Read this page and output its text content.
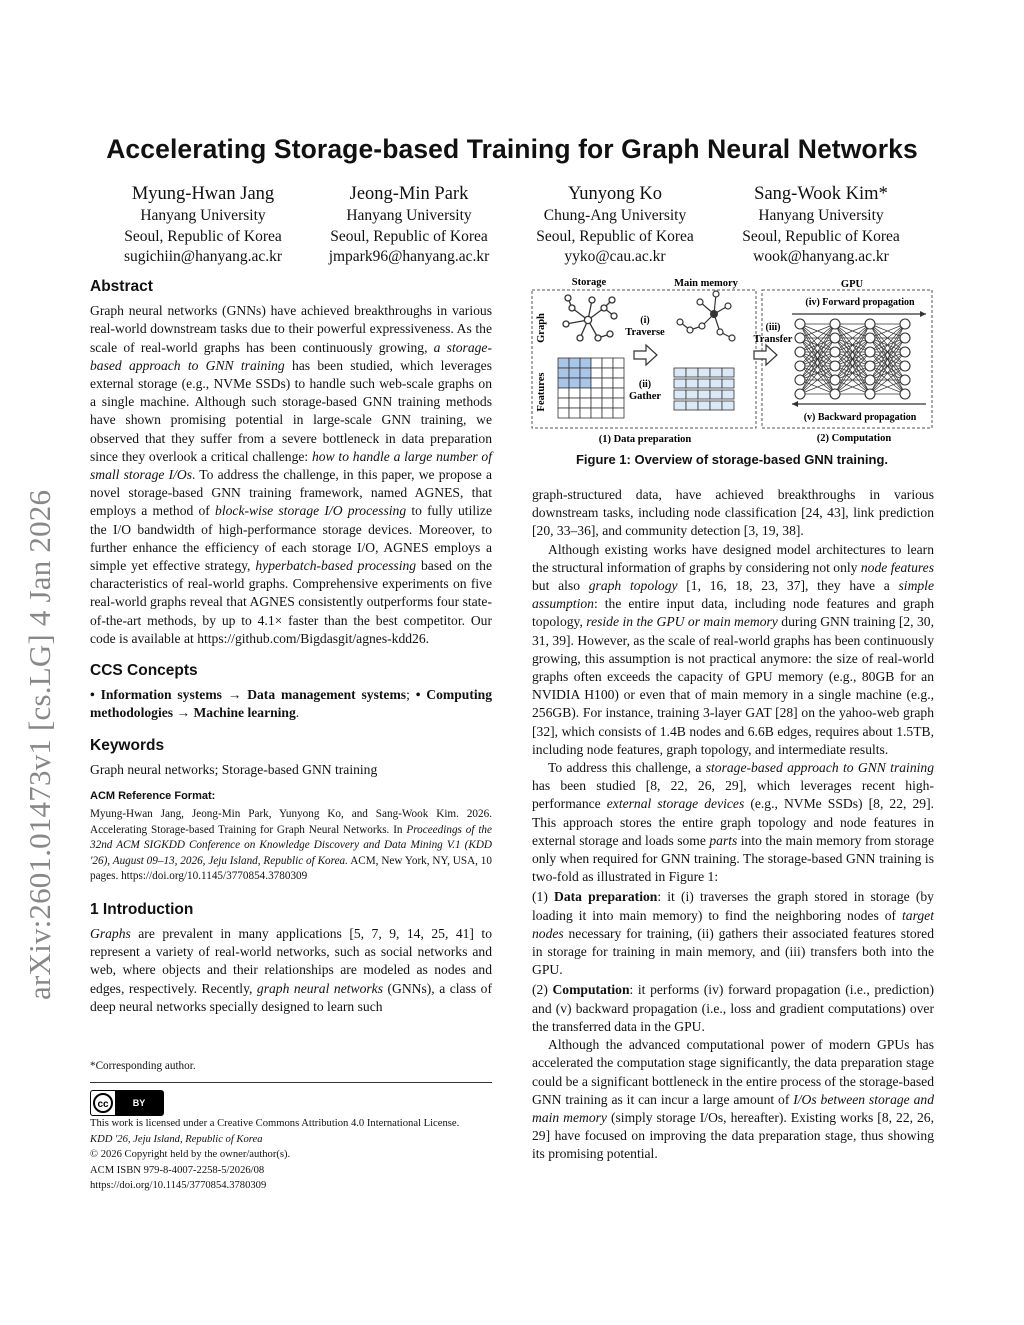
arXiv:2601.01473v1 [cs.LG] 4 Jan 2026
Accelerating Storage-based Training for Graph Neural Networks
Myung-Hwan Jang
Hanyang University
Seoul, Republic of Korea
sugichiin@hanyang.ac.kr
Jeong-Min Park
Hanyang University
Seoul, Republic of Korea
jmpark96@hanyang.ac.kr
Yunyong Ko
Chung-Ang University
Seoul, Republic of Korea
yyko@cau.ac.kr
Sang-Wook Kim*
Hanyang University
Seoul, Republic of Korea
wook@hanyang.ac.kr
Abstract

Graph neural networks (GNNs) have achieved breakthroughs in various real-world downstream tasks due to their powerful expressiveness. As the scale of real-world graphs has been continuously growing, a storage-based approach to GNN training has been studied, which leverages external storage (e.g., NVMe SSDs) to handle such web-scale graphs on a single machine. Although such storage-based GNN training methods have shown promising potential in large-scale GNN training, we observed that they suffer from a severe bottleneck in data preparation since they overlook a critical challenge: how to handle a large number of small storage I/Os. To address the challenge, in this paper, we propose a novel storage-based GNN training framework, named AGNES, that employs a method of block-wise storage I/O processing to fully utilize the I/O bandwidth of high-performance storage devices. Moreover, to further enhance the efficiency of each storage I/O, AGNES employs a simple yet effective strategy, hyperbatch-based processing based on the characteristics of real-world graphs. Comprehensive experiments on five real-world graphs reveal that AGNES consistently outperforms four state-of-the-art methods, by up to 4.1× faster than the best competitor. Our code is available at https://github.com/Bigdasgit/agnes-kdd26.

CCS Concepts

• Information systems → Data management systems; • Computing methodologies → Machine learning.

Keywords

Graph neural networks; Storage-based GNN training

ACM Reference Format:

Myung-Hwan Jang, Jeong-Min Park, Yunyong Ko, and Sang-Wook Kim. 2026. Accelerating Storage-based Training for Graph Neural Networks. In Proceedings of the 32nd ACM SIGKDD Conference on Knowledge Discovery and Data Mining V.1 (KDD '26), August 09–13, 2026, Jeju Island, Republic of Korea. ACM, New York, NY, USA, 10 pages. https://doi.org/10.1145/3770854.3780309

1 Introduction

Graphs are prevalent in many applications [5, 7, 9, 14, 25, 41] to represent a variety of real-world networks, such as social networks and web, where objects and their relationships are modeled as nodes and edges, respectively. Recently, graph neural networks (GNNs), a class of deep neural networks specially designed to learn such

*Corresponding author.
cc	BY
This work is licensed under a Creative Commons Attribution 4.0 International License.
KDD '26, Jeju Island, Republic of Korea
© 2026 Copyright held by the owner/author(s).
ACM ISBN 979-8-4007-2258-5/2026/08
https://doi.org/10.1145/3770854.3780309
Storage	Main memory	GPU
Graph
Features
(i)
Traverse
(ii)
Gather
(iii)
Transfer
(iv) Forward propagation
(v) Backward propagation
(1) Data preparation	(2) Computation
Figure 1: Overview of storage-based GNN training.

graph-structured data, have achieved breakthroughs in various downstream tasks, including node classification [24, 43], link prediction [20, 33–36], and community detection [3, 19, 38].

Although existing works have designed model architectures to learn the structural information of graphs by considering not only node features but also graph topology [1, 16, 18, 23, 37], they have a simple assumption: the entire input data, including node features and graph topology, reside in the GPU or main memory during GNN training [2, 30, 31, 39]. However, as the scale of real-world graphs has been continuously growing, this assumption is not practical anymore: the size of real-world graphs often exceeds the capacity of GPU memory (e.g., 80GB for an NVIDIA H100) or even that of main memory in a single machine (e.g., 256GB). For instance, training 3-layer GAT [28] on the yahoo-web graph [32], which consists of 1.4B nodes and 6.6B edges, requires about 1.5TB, including node features, graph topology, and intermediate results.

To address this challenge, a storage-based approach to GNN training has been studied [8, 22, 26, 29], which leverages recent high-performance external storage devices (e.g., NVMe SSDs) [8, 22, 29]. This approach stores the entire graph topology and node features in external storage and loads some parts into the main memory from storage only when required for GNN training. The storage-based GNN training is two-fold as illustrated in Figure 1:

(1) Data preparation: it (i) traverses the graph stored in storage (by loading it into main memory) to find the neighboring nodes of target nodes necessary for training, (ii) gathers their associated features stored in storage for training in main memory, and (iii) transfers both into the GPU.

(2) Computation: it performs (iv) forward propagation (i.e., prediction) and (v) backward propagation (i.e., loss and gradient computations) over the transferred data in the GPU.

Although the advanced computational power of modern GPUs has accelerated the computation stage significantly, the data preparation stage could be a significant bottleneck in the entire process of the storage-based GNN training as it can incur a large amount of I/Os between storage and main memory (simply storage I/Os, hereafter). Existing works [8, 22, 26, 29] have focused on improving the data preparation stage, thus showing its promising potential.
